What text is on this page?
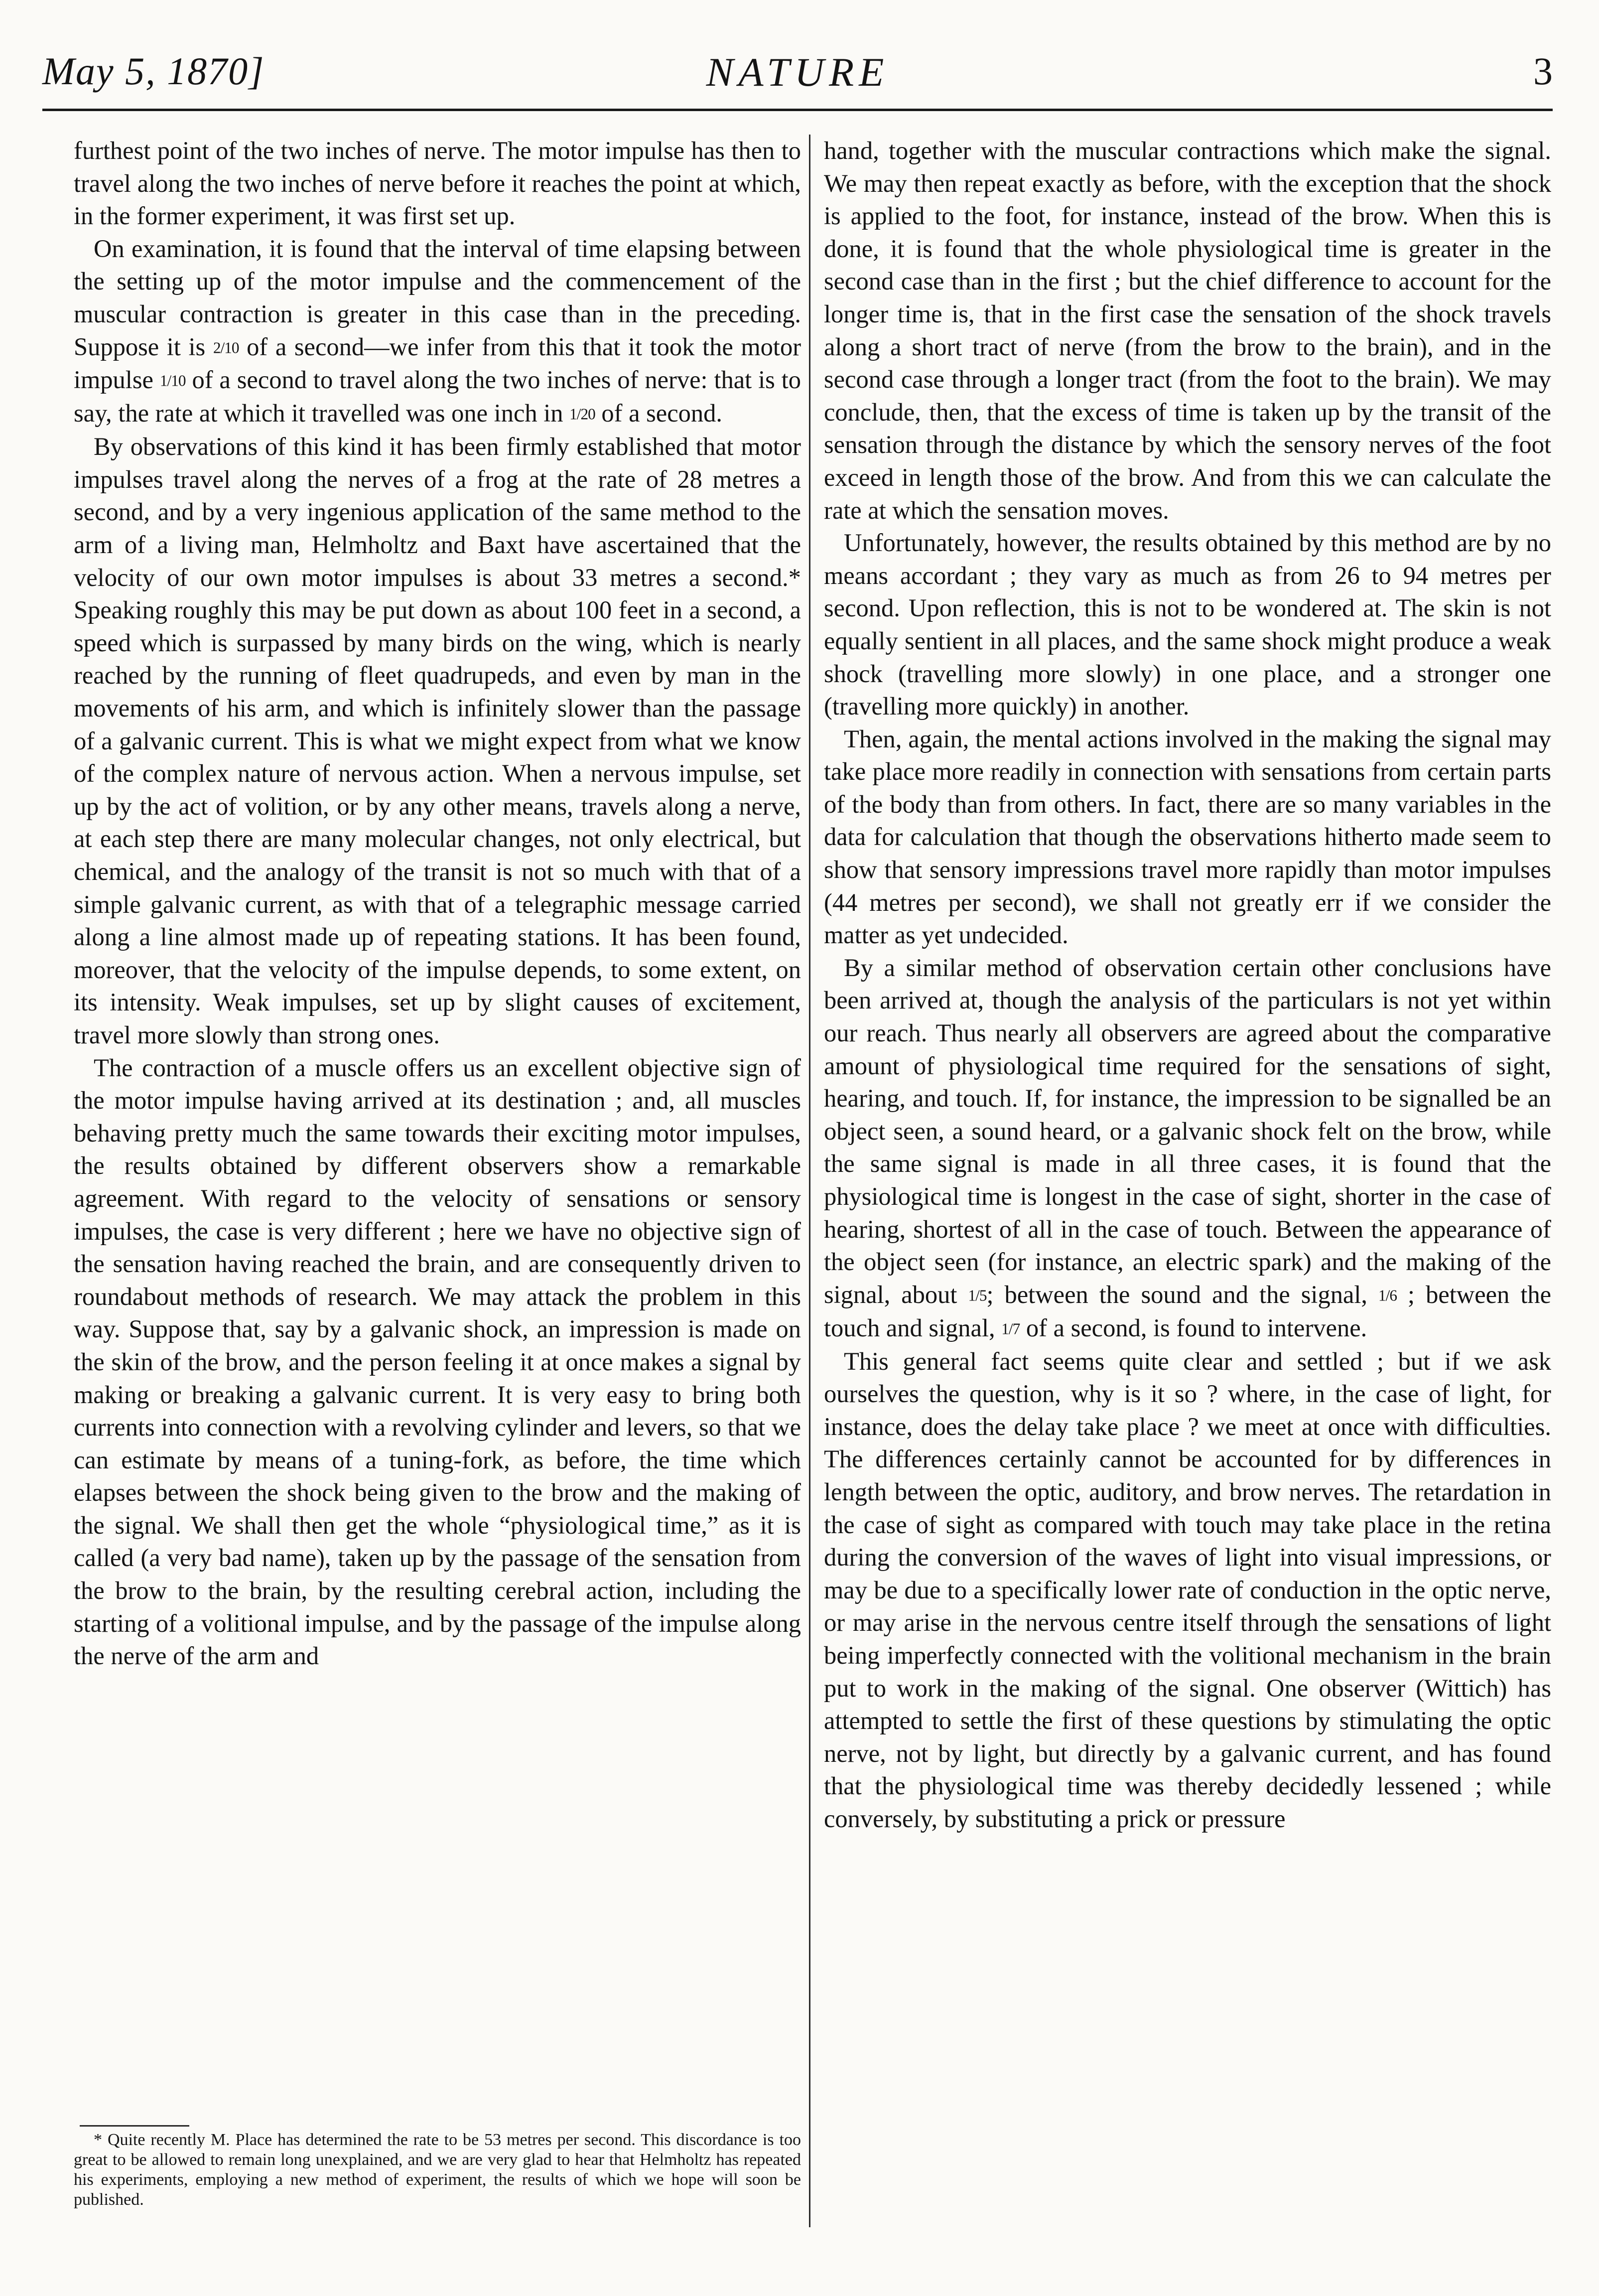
May 5, 1870]	NATURE	3

furthest point of the two inches of nerve. The motor impulse has then to travel along the two inches of nerve before it reaches the point at which, in the former experiment, it was first set up.

On examination, it is found that the interval of time elapsing between the setting up of the motor impulse and the commencement of the muscular contraction is greater in this case than in the preceding. Suppose it is 2/10 of a second—we infer from this that it took the motor impulse 1/10 of a second to travel along the two inches of nerve: that is to say, the rate at which it travelled was one inch in 1/20 of a second.

By observations of this kind it has been firmly established that motor impulses travel along the nerves of a frog at the rate of 28 metres a second, and by a very ingenious application of the same method to the arm of a living man, Helmholtz and Baxt have ascertained that the velocity of our own motor impulses is about 33 metres a second.* Speaking roughly this may be put down as about 100 feet in a second, a speed which is surpassed by many birds on the wing, which is nearly reached by the running of fleet quadrupeds, and even by man in the movements of his arm, and which is infinitely slower than the passage of a galvanic current. This is what we might expect from what we know of the complex nature of nervous action. When a nervous impulse, set up by the act of volition, or by any other means, travels along a nerve, at each step there are many molecular changes, not only electrical, but chemical, and the analogy of the transit is not so much with that of a simple galvanic current, as with that of a telegraphic message carried along a line almost made up of repeating stations. It has been found, moreover, that the velocity of the impulse depends, to some extent, on its intensity. Weak impulses, set up by slight causes of excitement, travel more slowly than strong ones.

The contraction of a muscle offers us an excellent objective sign of the motor impulse having arrived at its destination ; and, all muscles behaving pretty much the same towards their exciting motor impulses, the results obtained by different observers show a remarkable agreement. With regard to the velocity of sensations or sensory impulses, the case is very different ; here we have no objective sign of the sensation having reached the brain, and are consequently driven to roundabout methods of research. We may attack the problem in this way. Suppose that, say by a galvanic shock, an impression is made on the skin of the brow, and the person feeling it at once makes a signal by making or breaking a galvanic current. It is very easy to bring both currents into connection with a revolving cylinder and levers, so that we can estimate by means of a tuning-fork, as before, the time which elapses between the shock being given to the brow and the making of the signal. We shall then get the whole “physiological time,” as it is called (a very bad name), taken up by the passage of the sensation from the brow to the brain, by the resulting cerebral action, including the starting of a volitional impulse, and by the passage of the impulse along the nerve of the arm and

hand, together with the muscular contractions which make the signal. We may then repeat exactly as before, with the exception that the shock is applied to the foot, for instance, instead of the brow. When this is done, it is found that the whole physiological time is greater in the second case than in the first ; but the chief difference to account for the longer time is, that in the first case the sensation of the shock travels along a short tract of nerve (from the brow to the brain), and in the second case through a longer tract (from the foot to the brain). We may conclude, then, that the excess of time is taken up by the transit of the sensation through the distance by which the sensory nerves of the foot exceed in length those of the brow. And from this we can calculate the rate at which the sensation moves.

Unfortunately, however, the results obtained by this method are by no means accordant ; they vary as much as from 26 to 94 metres per second. Upon reflection, this is not to be wondered at. The skin is not equally sentient in all places, and the same shock might produce a weak shock (travelling more slowly) in one place, and a stronger one (travelling more quickly) in another.

Then, again, the mental actions involved in the making the signal may take place more readily in connection with sensations from certain parts of the body than from others. In fact, there are so many variables in the data for calculation that though the observations hitherto made seem to show that sensory impressions travel more rapidly than motor impulses (44 metres per second), we shall not greatly err if we consider the matter as yet undecided.

By a similar method of observation certain other conclusions have been arrived at, though the analysis of the particulars is not yet within our reach. Thus nearly all observers are agreed about the comparative amount of physiological time required for the sensations of sight, hearing, and touch. If, for instance, the impression to be signalled be an object seen, a sound heard, or a galvanic shock felt on the brow, while the same signal is made in all three cases, it is found that the physiological time is longest in the case of sight, shorter in the case of hearing, shortest of all in the case of touch. Between the appearance of the object seen (for instance, an electric spark) and the making of the signal, about 1/5; between the sound and the signal, 1/6 ; between the touch and signal, 1/7 of a second, is found to intervene.

This general fact seems quite clear and settled ; but if we ask ourselves the question, why is it so ? where, in the case of light, for instance, does the delay take place ? we meet at once with difficulties. The differences certainly cannot be accounted for by differences in length between the optic, auditory, and brow nerves. The retardation in the case of sight as compared with touch may take place in the retina during the conversion of the waves of light into visual impressions, or may be due to a specifically lower rate of conduction in the optic nerve, or may arise in the nervous centre itself through the sensations of light being imperfectly connected with the volitional mechanism in the brain put to work in the making of the signal. One observer (Wittich) has attempted to settle the first of these questions by stimulating the optic nerve, not by light, but directly by a galvanic current, and has found that the physiological time was thereby decidedly lessened ; while conversely, by substituting a prick or pressure

* Quite recently M. Place has determined the rate to be 53 metres per second. This discordance is too great to be allowed to remain long unexplained, and we are very glad to hear that Helmholtz has repeated his experiments, employing a new method of experiment, the results of which we hope will soon be published.
